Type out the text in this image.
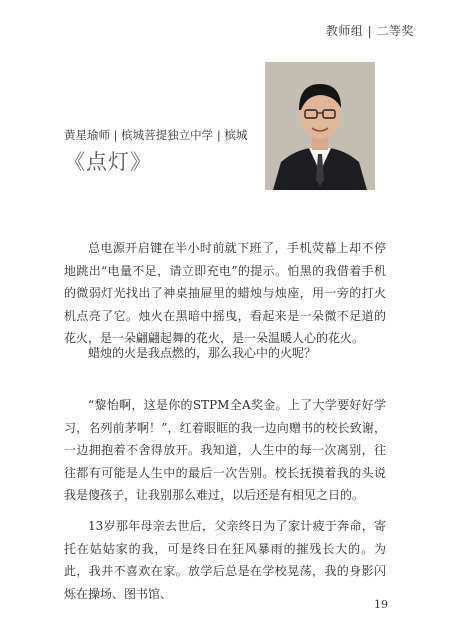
教师组 | 二等奖
黄星瑜师 | 槟城菩提独立中学 | 槟城
《点灯》
总电源开启键在半小时前就下班了，手机荧幕上却不停地跳出“电量不足，请立即充电”的提示。怕黑的我借着手机的微弱灯光找出了神桌抽屉里的蜡烛与烛座，用一旁的打火机点亮了它。烛火在黑暗中摇曳，看起来是一朵微不足道的花火，是一朵翩翩起舞的花火，是一朵温暖人心的花火。
蜡烛的火是我点燃的，那么我心中的火呢？
“黎怡啊，这是你的STPM全A奖金。上了大学要好好学习，名列前茅啊！”，红着眼眶的我一边向赠书的校长致谢，一边拥抱着不舍得放开。我知道，人生中的每一次离别，往往都有可能是人生中的最后一次告别。校长抚摸着我的头说我是傻孩子，让我别那么难过，以后还是有相见之日的。
13岁那年母亲去世后，父亲终日为了家计疲于奔命，寄托在姑姑家的我，可是终日在狂风暴雨的摧残长大的。为此，我并不喜欢在家。放学后总是在学校晃荡，我的身影闪烁在操场、图书馆、
19
